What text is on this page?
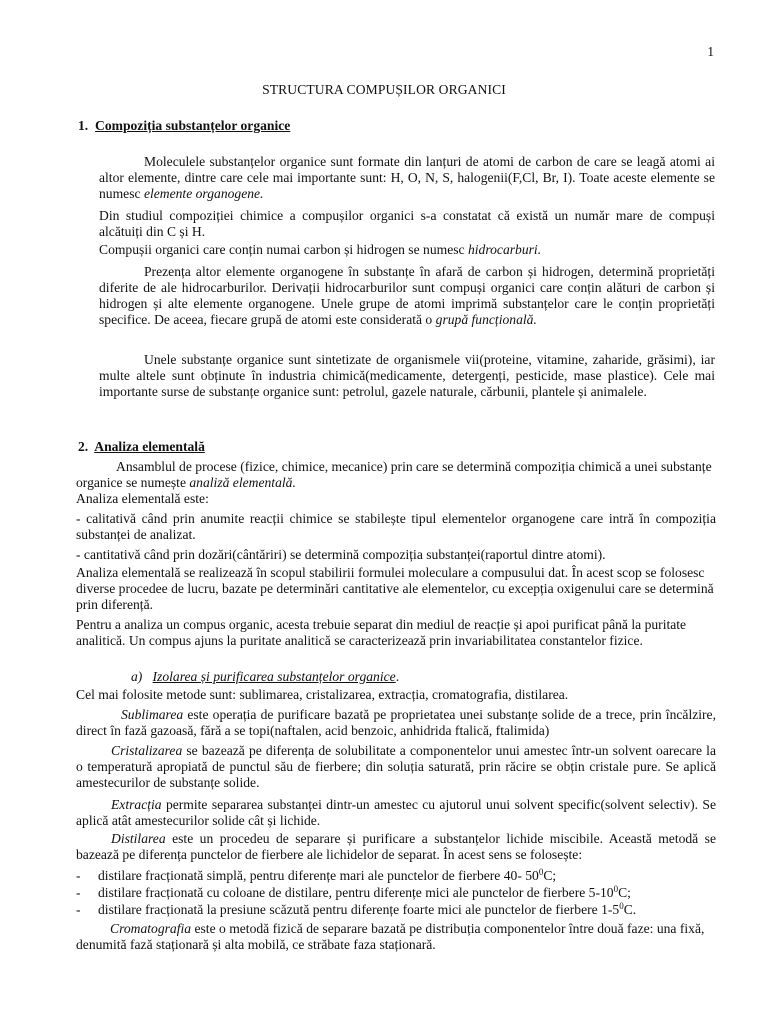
1
STRUCTURA COMPUȘILOR ORGANICI
1. Compoziția substanțelor organice
Moleculele substanțelor organice sunt formate din lanțuri de atomi de carbon de care se leagă atomi ai altor elemente, dintre care cele mai importante sunt: H, O, N, S, halogenii(F,Cl, Br, I). Toate aceste elemente se numesc elemente organogene.
Din studiul compoziției chimice a compușilor organici s-a constatat că există un număr mare de compuși alcătuiți din C și H.
Compușii organici care conțin numai carbon și hidrogen se numesc hidrocarburi.
Prezența altor elemente organogene în substanțe în afară de carbon și hidrogen, determină proprietăți diferite de ale hidrocarburilor. Derivații hidrocarburilor sunt compuși organici care conțin alături de carbon și hidrogen și alte elemente organogene. Unele grupe de atomi imprimă substanțelor care le conțin proprietăți specifice. De aceea, fiecare grupă de atomi este considerată o grupă funcțională.
Unele substanțe organice sunt sintetizate de organismele vii(proteine, vitamine, zaharide, grăsimi), iar multe altele sunt obținute în industria chimică(medicamente, detergenți, pesticide, mase plastice). Cele mai importante surse de substanțe organice sunt: petrolul, gazele naturale, cărbunii, plantele și animalele.
2. Analiza elementală
Ansamblul de procese (fizice, chimice, mecanice) prin care se determină compoziția chimică a unei substanțe organice se numește analiză elementală.
Analiza elementală este:
- calitativă când prin anumite reacții chimice se stabilește tipul elementelor organogene care intră în compoziția substanței de analizat.
- cantitativă când prin dozări(cântăriri) se determină compoziția substanței(raportul dintre atomi).
Analiza elementală se realizează în scopul stabilirii formulei moleculare a compusului dat. În acest scop se folosesc diverse procedee de lucru, bazate pe determinări cantitative ale elementelor, cu excepția oxigenului care se determină prin diferență.
Pentru a analiza un compus organic, acesta trebuie separat din mediul de reacție și apoi purificat până la puritate analitică. Un compus ajuns la puritate analitică se caracterizează prin invariabilitatea constantelor fizice.
a) Izolarea și purificarea substanțelor organice.
Cel mai folosite metode sunt: sublimarea, cristalizarea, extracția, cromatografia, distilarea.
Sublimarea este operația de purificare bazată pe proprietatea unei substanțe solide de a trece, prin încălzire, direct în fază gazoasă, fără a se topi(naftalen, acid benzoic, anhidrida ftalică, ftalimida)
Cristalizarea se bazează pe diferența de solubilitate a componentelor unui amestec într-un solvent oarecare la o temperatură apropiată de punctul său de fierbere; din soluția saturată, prin răcire se obțin cristale pure. Se aplică amestecurilor de substanțe solide.
Extracția permite separarea substanței dintr-un amestec cu ajutorul unui solvent specific(solvent selectiv). Se aplică atât amestecurilor solide cât și lichide.
Distilarea este un procedeu de separare și purificare a substanțelor lichide miscibile. Această metodă se bazează pe diferența punctelor de fierbere ale lichidelor de separat. În acest sens se folosește:
- distilare fracționată simplă, pentru diferențe mari ale punctelor de fierbere 40- $50^0C$;
- distilare fracționată cu coloane de distilare, pentru diferențe mici ale punctelor de fierbere $5-10^0C$;
- distilare fracționată la presiune scăzută pentru diferențe foarte mici ale punctelor de fierbere $1-5^0C$.
Cromatografia este o metodă fizică de separare bazată pe distribuția componentelor între două faze: una fixă, denumită fază staționară și alta mobilă, ce străbate faza staționară.
